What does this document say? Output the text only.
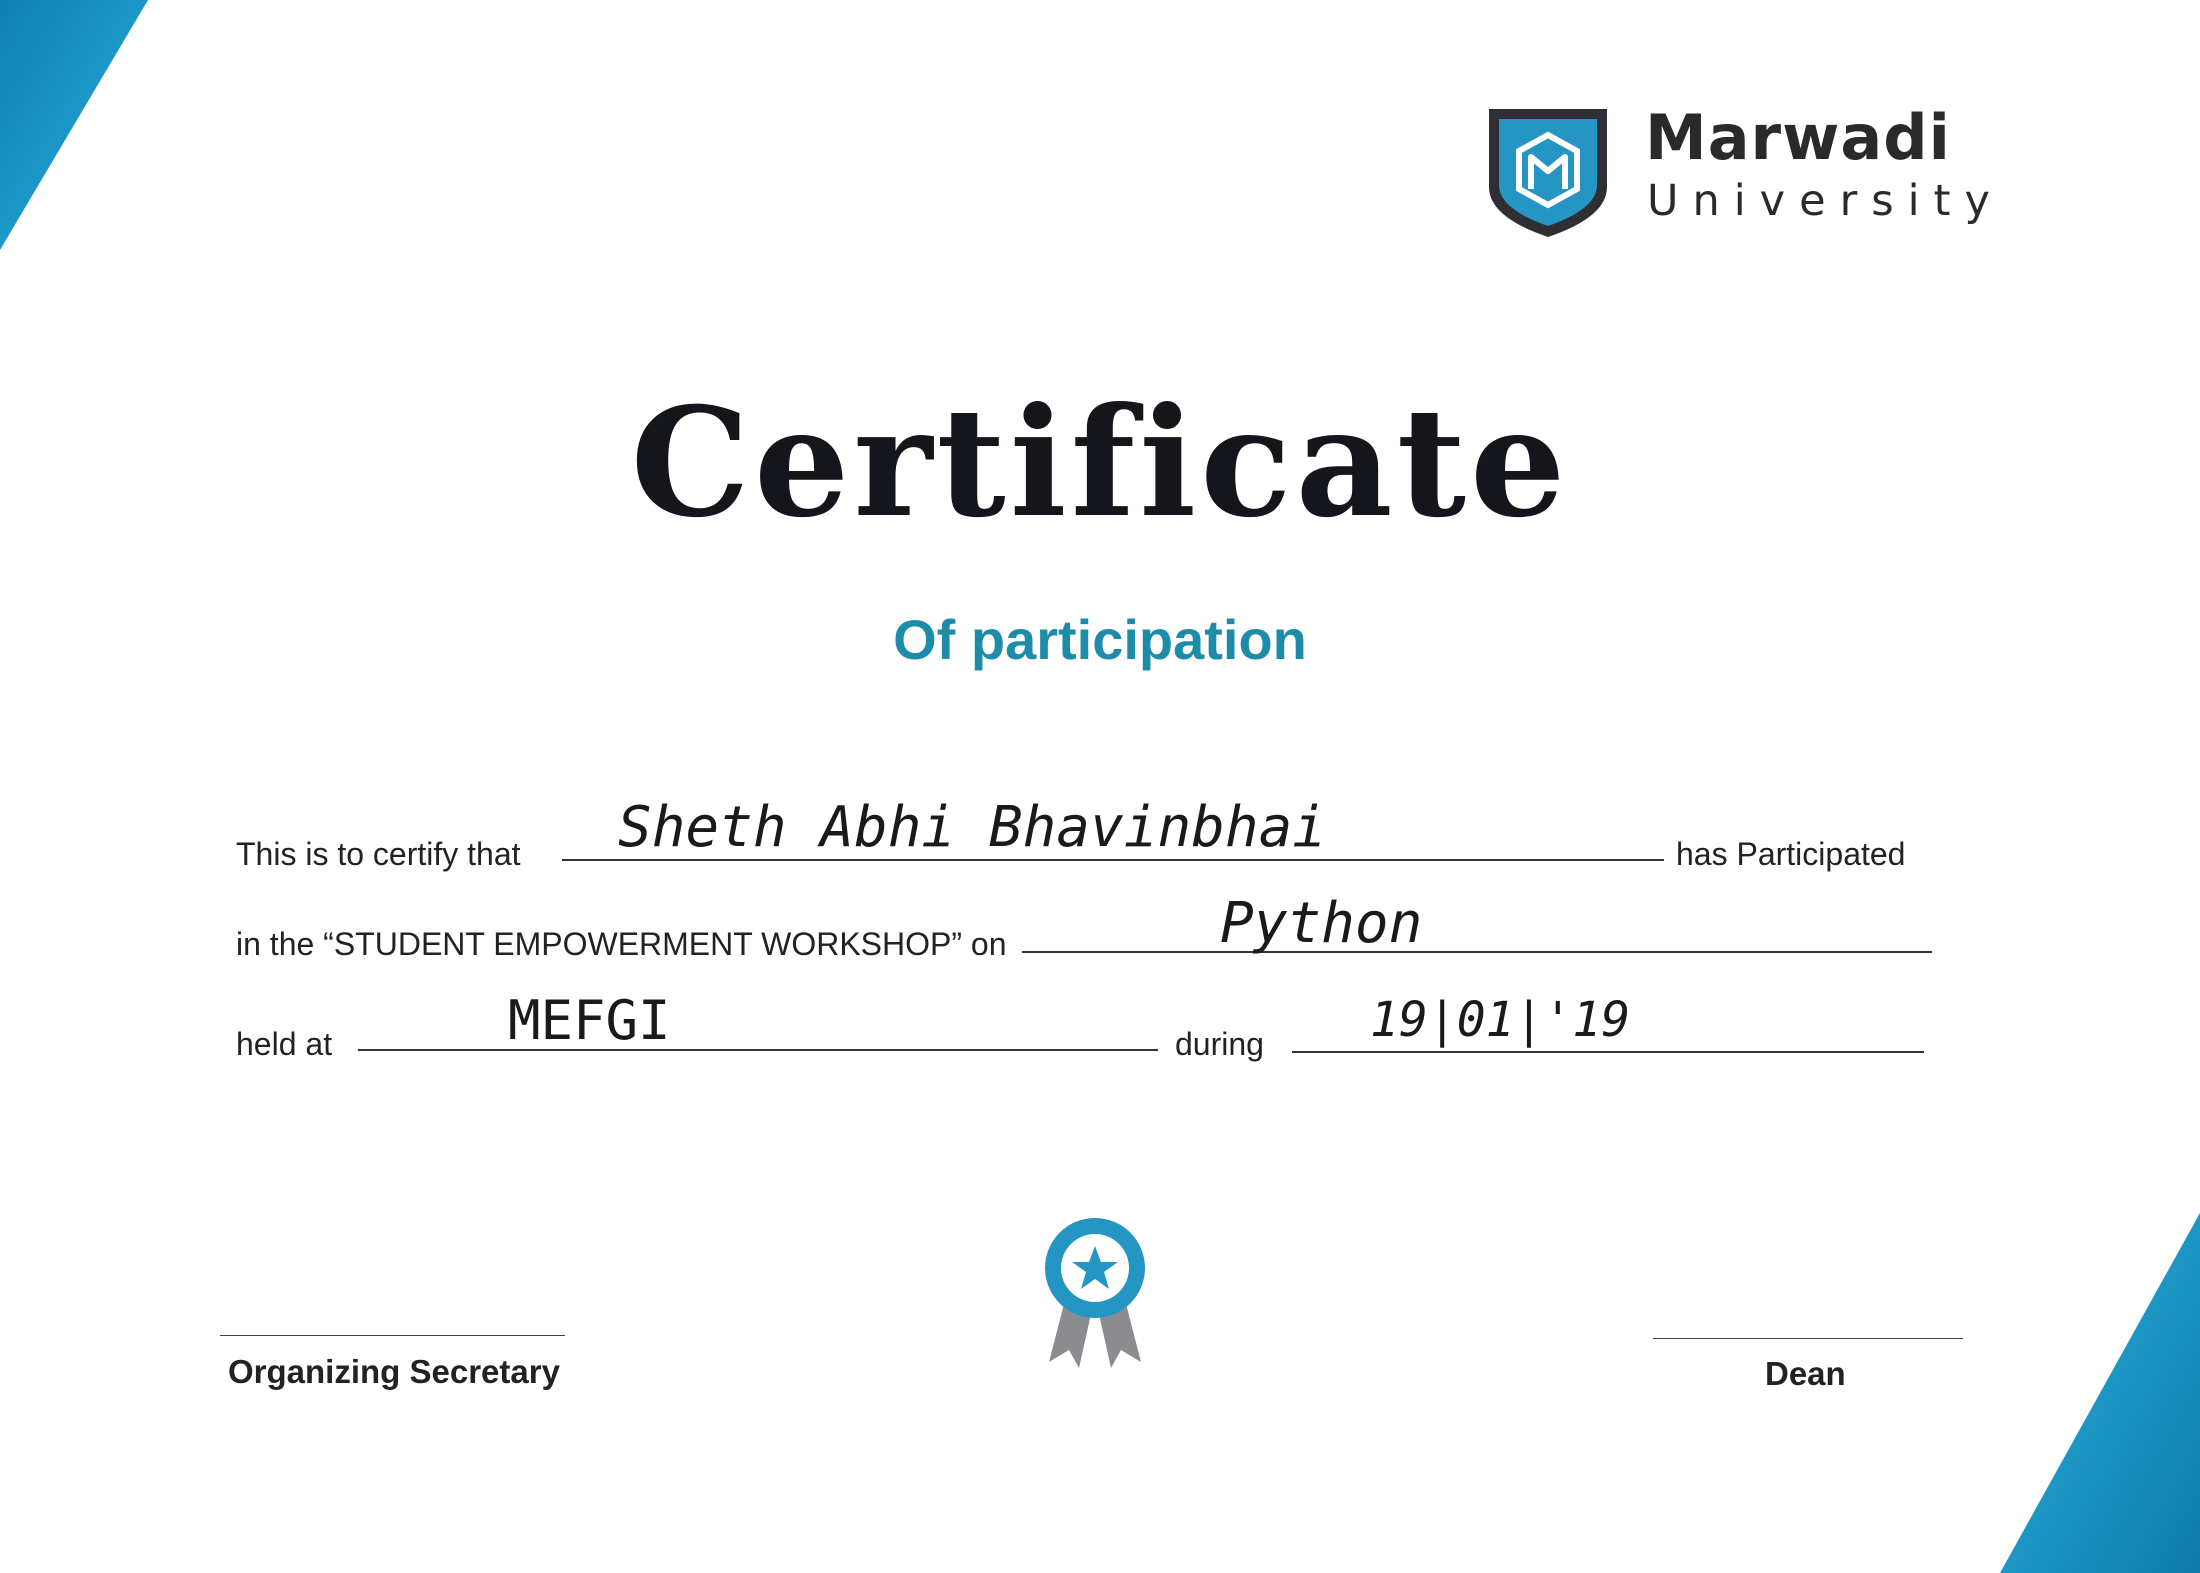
Marwadi
University
Certificate
Of participation
This is to certify that Sheth Abhi Bhavinbhai	has Participated
in the “STUDENT EMPOWERMENT WORKSHOP” on	Python
held at	MEFGI	during 19|01|'19
Organizing Secretary	Dean
